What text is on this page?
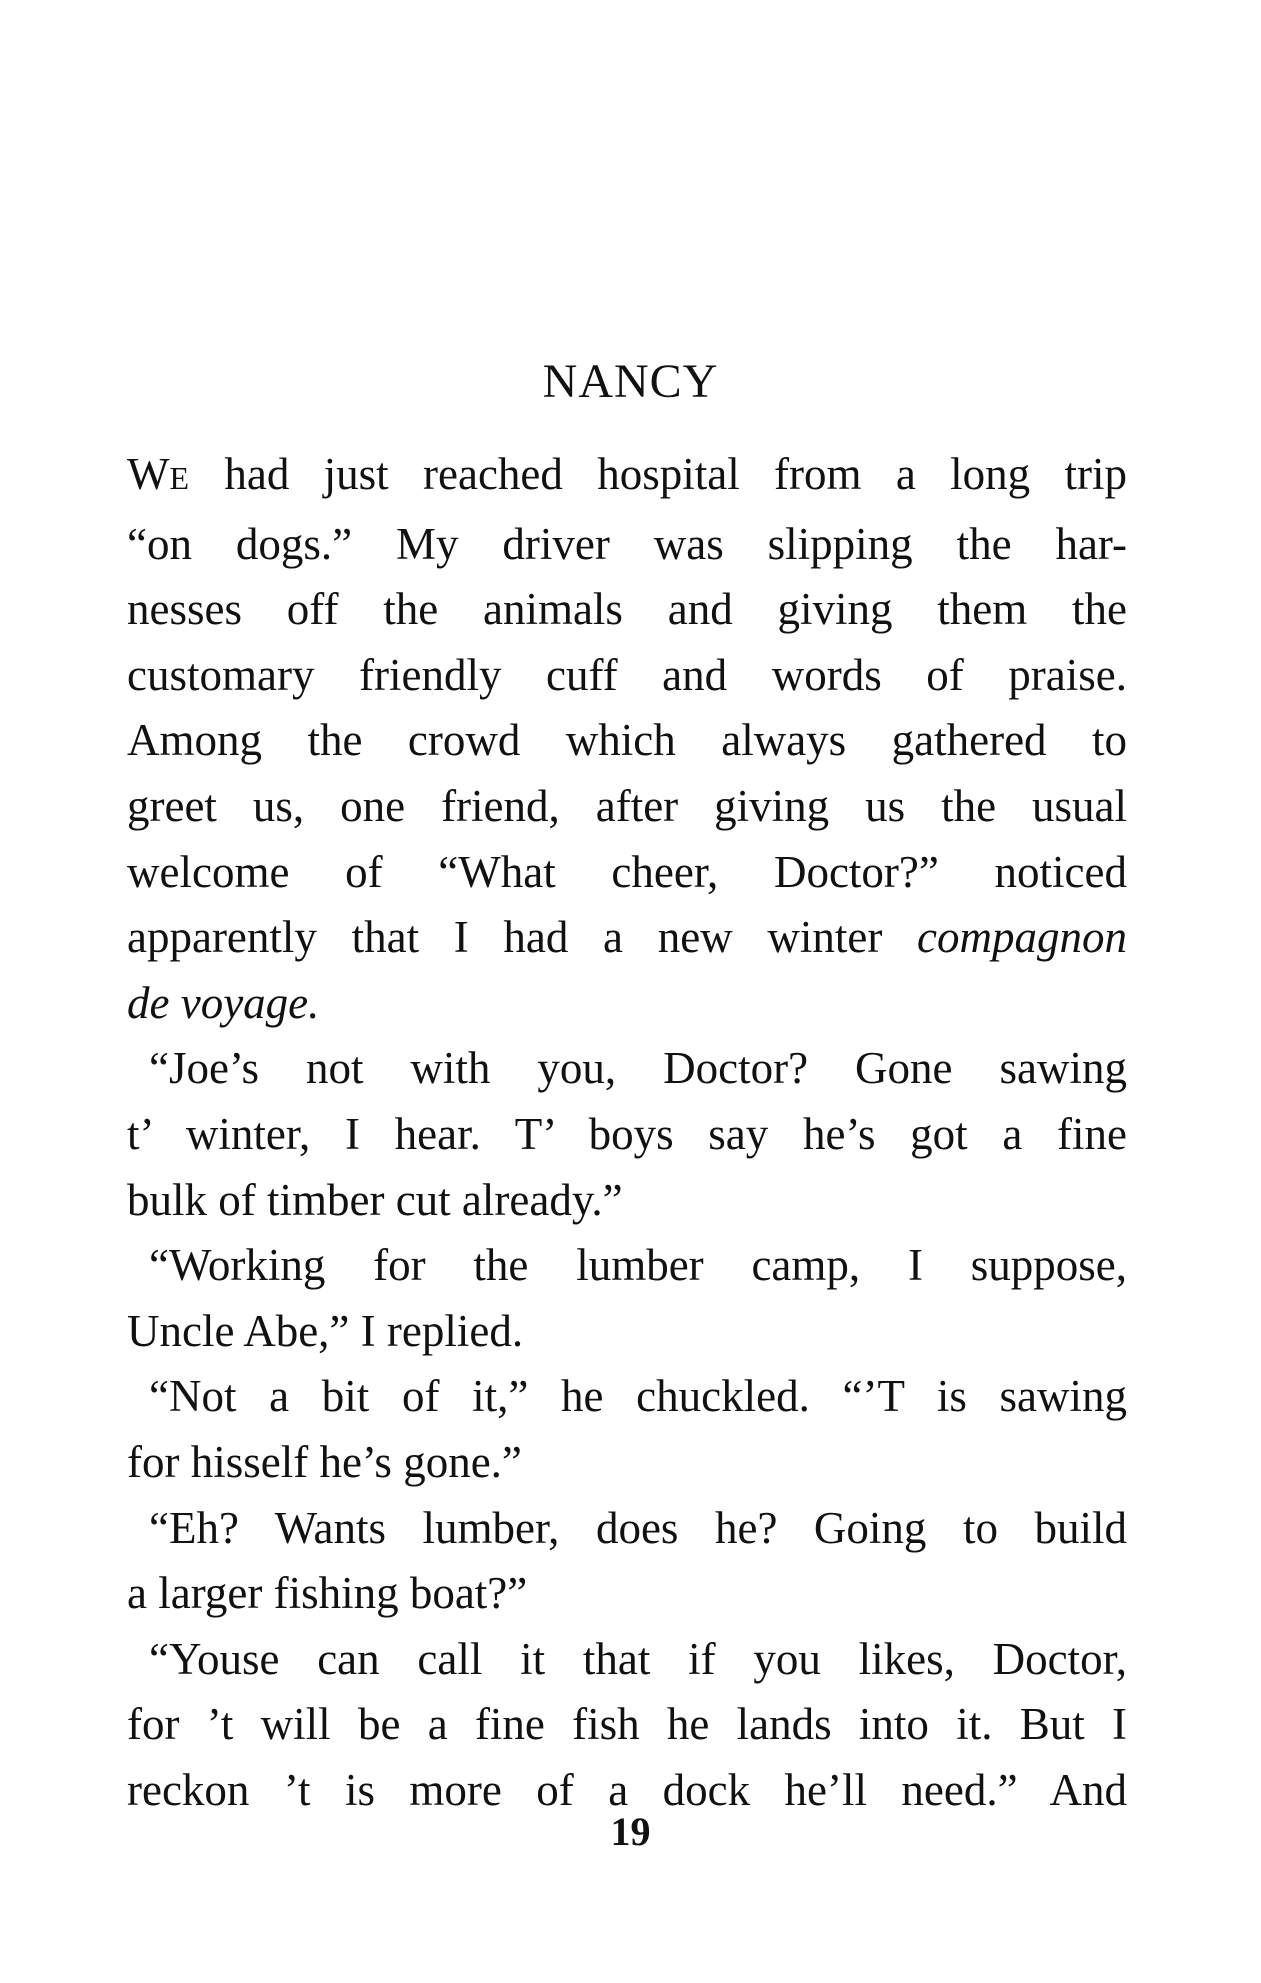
NANCY
WE had just reached hospital from a long trip
“on dogs.” My driver was slipping the har-
nesses off the animals and giving them the
customary friendly cuff and words of praise.
Among the crowd which always gathered to
greet us, one friend, after giving us the usual
welcome of “What cheer, Doctor?” noticed
apparently that I had a new winter compagnon
de voyage.
“Joe’s not with you, Doctor? Gone sawing
t’ winter, I hear. T’ boys say he’s got a fine
bulk of timber cut already.”
“Working for the lumber camp, I suppose,
Uncle Abe,” I replied.
“Not a bit of it,” he chuckled. “’T is sawing
for hisself he’s gone.”
“Eh? Wants lumber, does he? Going to build
a larger fishing boat?”
“Youse can call it that if you likes, Doctor,
for ’t will be a fine fish he lands into it. But I
reckon ’t is more of a dock he’ll need.” And
19
